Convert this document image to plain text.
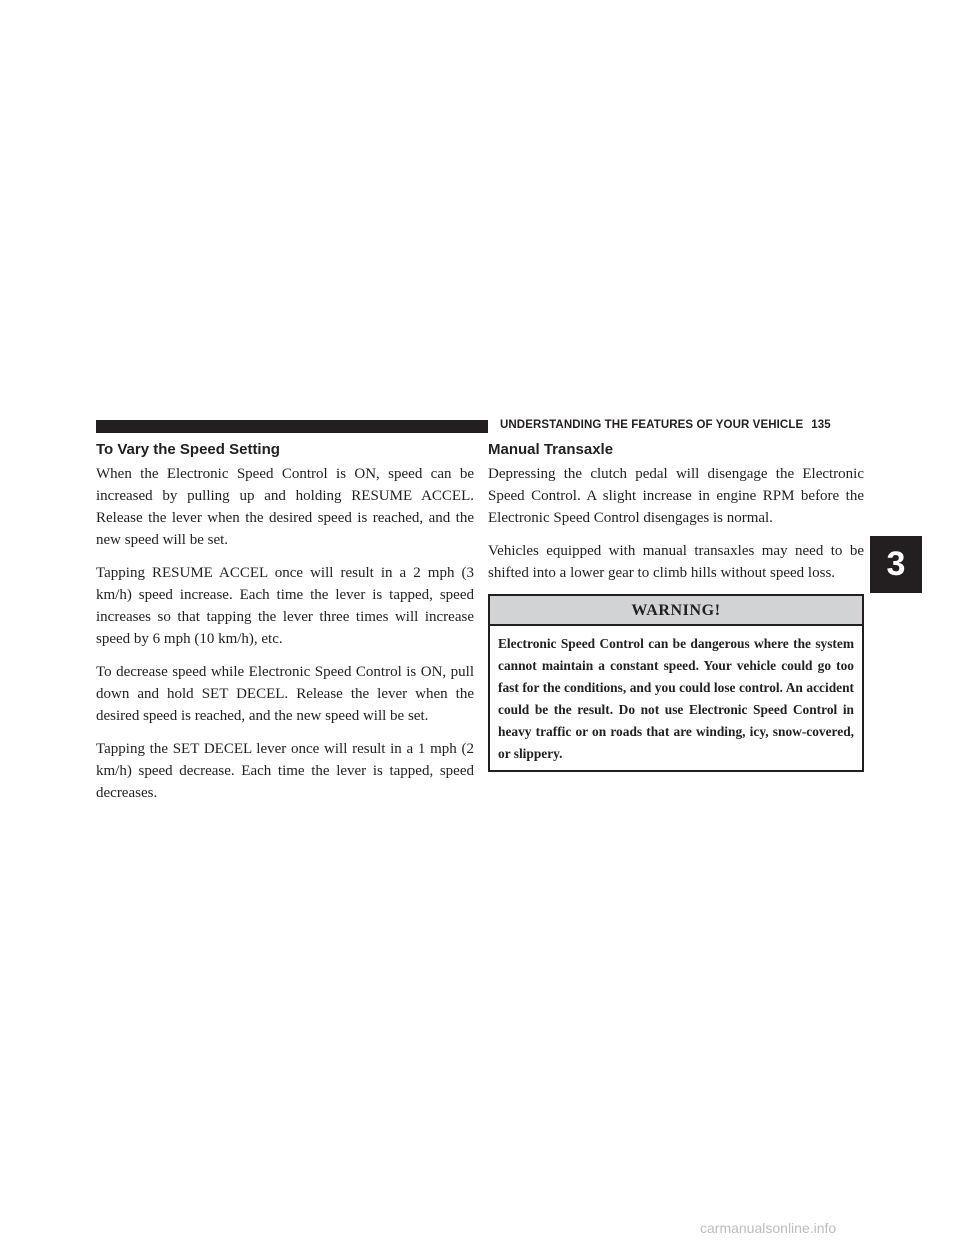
UNDERSTANDING THE FEATURES OF YOUR VEHICLE 135
To Vary the Speed Setting

When the Electronic Speed Control is ON, speed can be increased by pulling up and holding RESUME ACCEL. Release the lever when the desired speed is reached, and the new speed will be set.

Tapping RESUME ACCEL once will result in a 2 mph (3 km/h) speed increase. Each time the lever is tapped, speed increases so that tapping the lever three times will increase speed by 6 mph (10 km/h), etc.

To decrease speed while Electronic Speed Control is ON, pull down and hold SET DECEL. Release the lever when the desired speed is reached, and the new speed will be set.

Tapping the SET DECEL lever once will result in a 1 mph (2 km/h) speed decrease. Each time the lever is tapped, speed decreases.

Manual Transaxle

Depressing the clutch pedal will disengage the Electronic Speed Control. A slight increase in engine RPM before the Electronic Speed Control disengages is normal.

Vehicles equipped with manual transaxles may need to be shifted into a lower gear to climb hills without speed loss.

WARNING!
Electronic Speed Control can be dangerous where the system cannot maintain a constant speed. Your vehicle could go too fast for the conditions, and you could lose control. An accident could be the result. Do not use Electronic Speed Control in heavy traffic or on roads that are winding, icy, snow-covered, or slippery.
3
carmanualsonline.info
